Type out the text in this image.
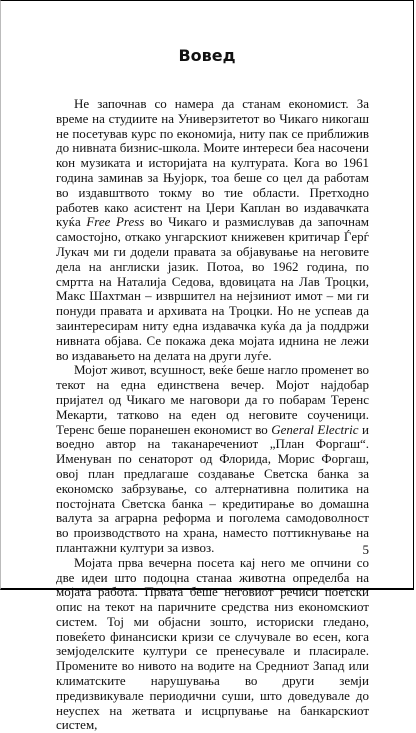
Вовед

Не започнав со намера да станам економист. За време на студиите на Универзитетот во Чикаго никогаш не посетував курс по економија, ниту пак се приближив до нивната бизнис-школа. Моите интереси беа насочени кон музиката и историјата на културата. Кога во 1961 година заминав за Њујорк, тоа беше со цел да работам во издавштвото токму во тие области. Претходно работев како асистент на Џери Каплан во издавачката куќа Free Press во Чикаго и размислував да започнам самостојно, откако унгарскиот книжевен критичар Ѓерѓ Лукач ми ги додели правата за објавување на неговите дела на англиски јазик. Потоа, во 1962 година, по смртта на Наталија Седова, вдовицата на Лав Троцки, Макс Шахтман – извршител на нејзиниот имот – ми ги понуди правата и архивата на Троцки. Но не успеав да заинтересирам ниту една издавачка куќа да ја поддржи нивната објава. Се покажа дека мојата иднина не лежи во издавањето на делата на други луѓе.

Мојот живот, всушност, веќе беше нагло променет во текот на една единствена вечер. Мојот најдобар пријател од Чикаго ме наговори да го побарам Теренс Мекарти, татково на еден од неговите соученици. Теренс беше поранешен економист во General Electric и воедно автор на таканаречениот „План Форгаш“. Именуван по сенаторот од Флорида, Морис Форгаш, овој план предлагаше создавање Светска банка за економско забрзување, со алтернативна политика на постојната Светска банка – кредитирање во домашна валута за аграрна реформа и поголема самодоволност во производството на храна, наместо поттикнување на плантажни култури за извоз.

Мојата прва вечерна посета кај него ме опчини со две идеи што подоцна станаа животна определба на мојата работа. Првата беше неговиот речиси поетски опис на текот на паричните средства низ економскиот систем. Тој ми објасни зошто, историски гледано, повеќето финансиски кризи се случувале во есен, кога земјоделските култури се пренесувале и пласирале. Промените во нивото на водите на Средниот Запад или климатските нарушувања во други земји предизвикувале периодични суши, што доведувале до неуспех на жетвата и исцрпување на банкарскиот систем,

5
